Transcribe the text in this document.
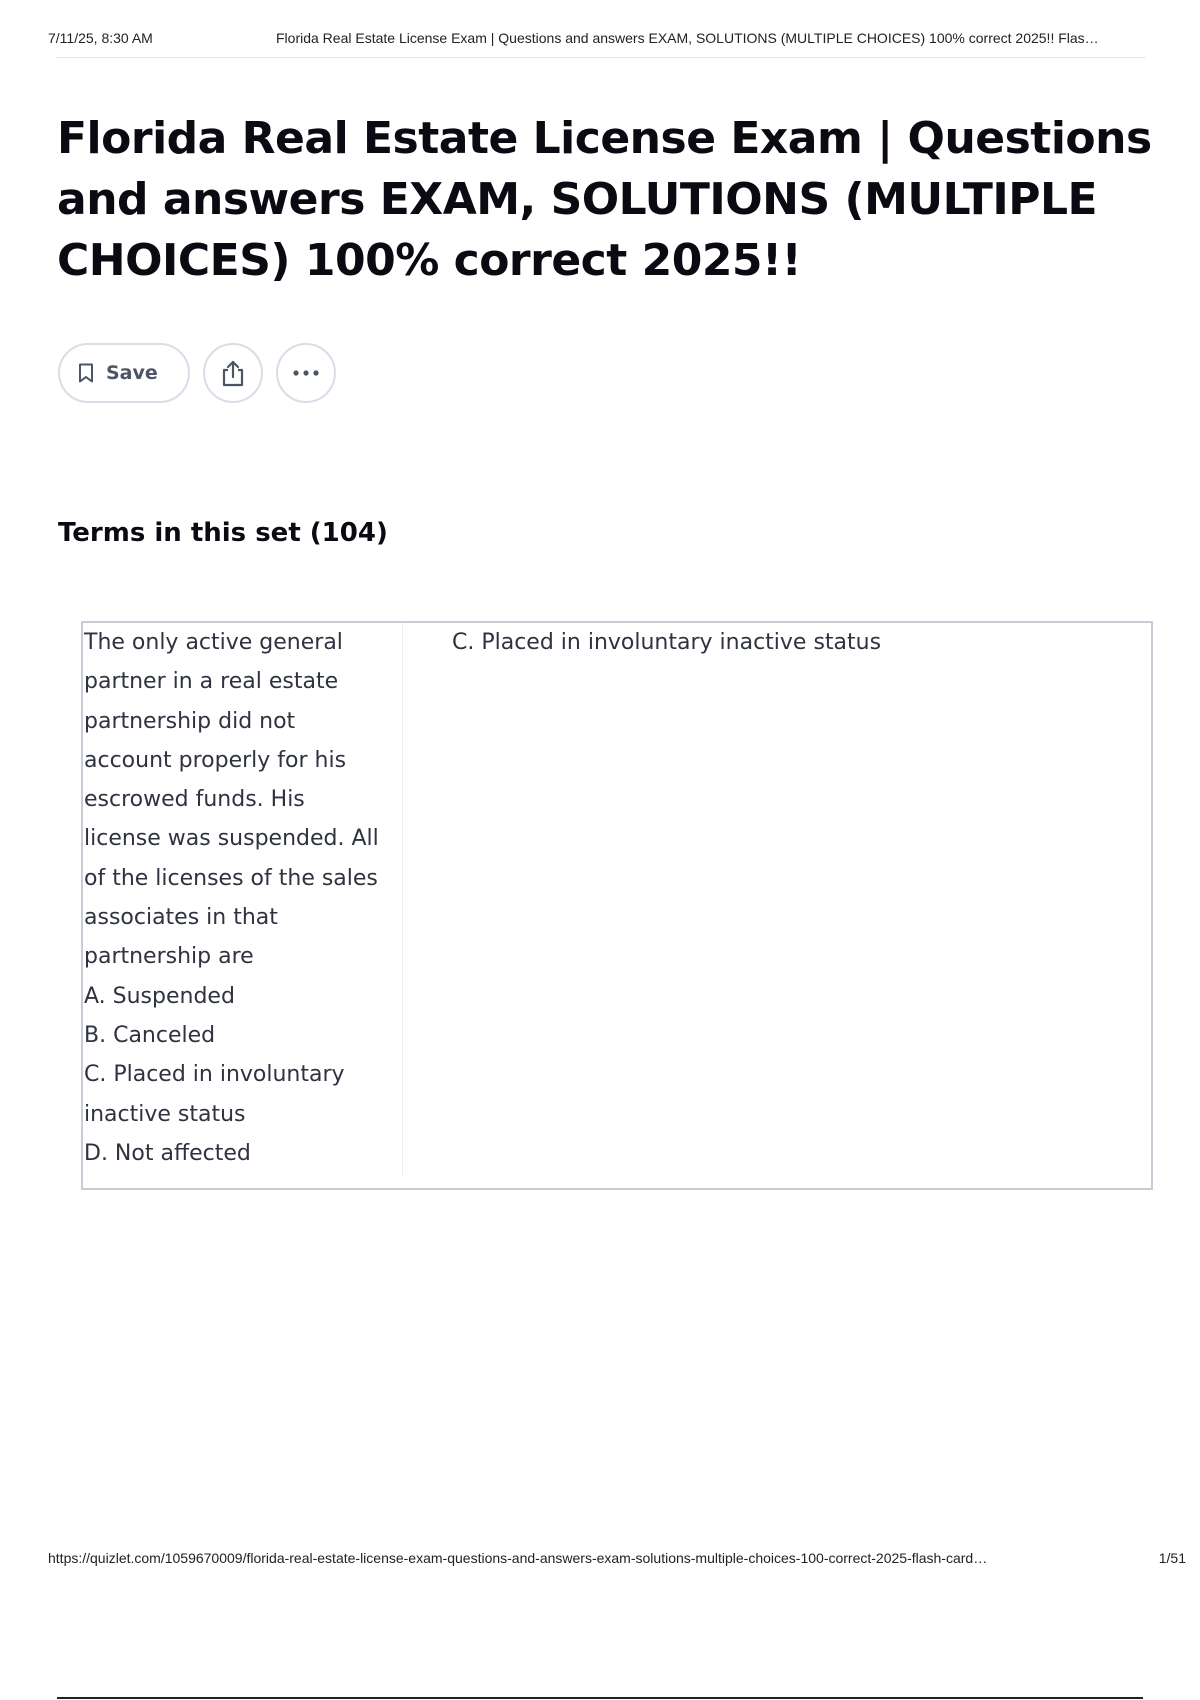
7/11/25, 8:30 AM	Florida Real Estate License Exam | Questions and answers EXAM, SOLUTIONS (MULTIPLE CHOICES) 100% correct 2025!! Flas…
Florida Real Estate License Exam | Questions and answers EXAM, SOLUTIONS (MULTIPLE CHOICES) 100% correct 2025!!
Save
Terms in this set (104)

The only active general
partner in a real estate
partnership did not
account properly for his
escrowed funds. His
license was suspended. All
of the licenses of the sales
associates in that
partnership are
A. Suspended
B. Canceled
C. Placed in involuntary
inactive status
D. Not affected

C. Placed in involuntary inactive status

https://quizlet.com/1059670009/florida-real-estate-license-exam-questions-and-answers-exam-solutions-multiple-choices-100-correct-2025-flash-card…	1/51
